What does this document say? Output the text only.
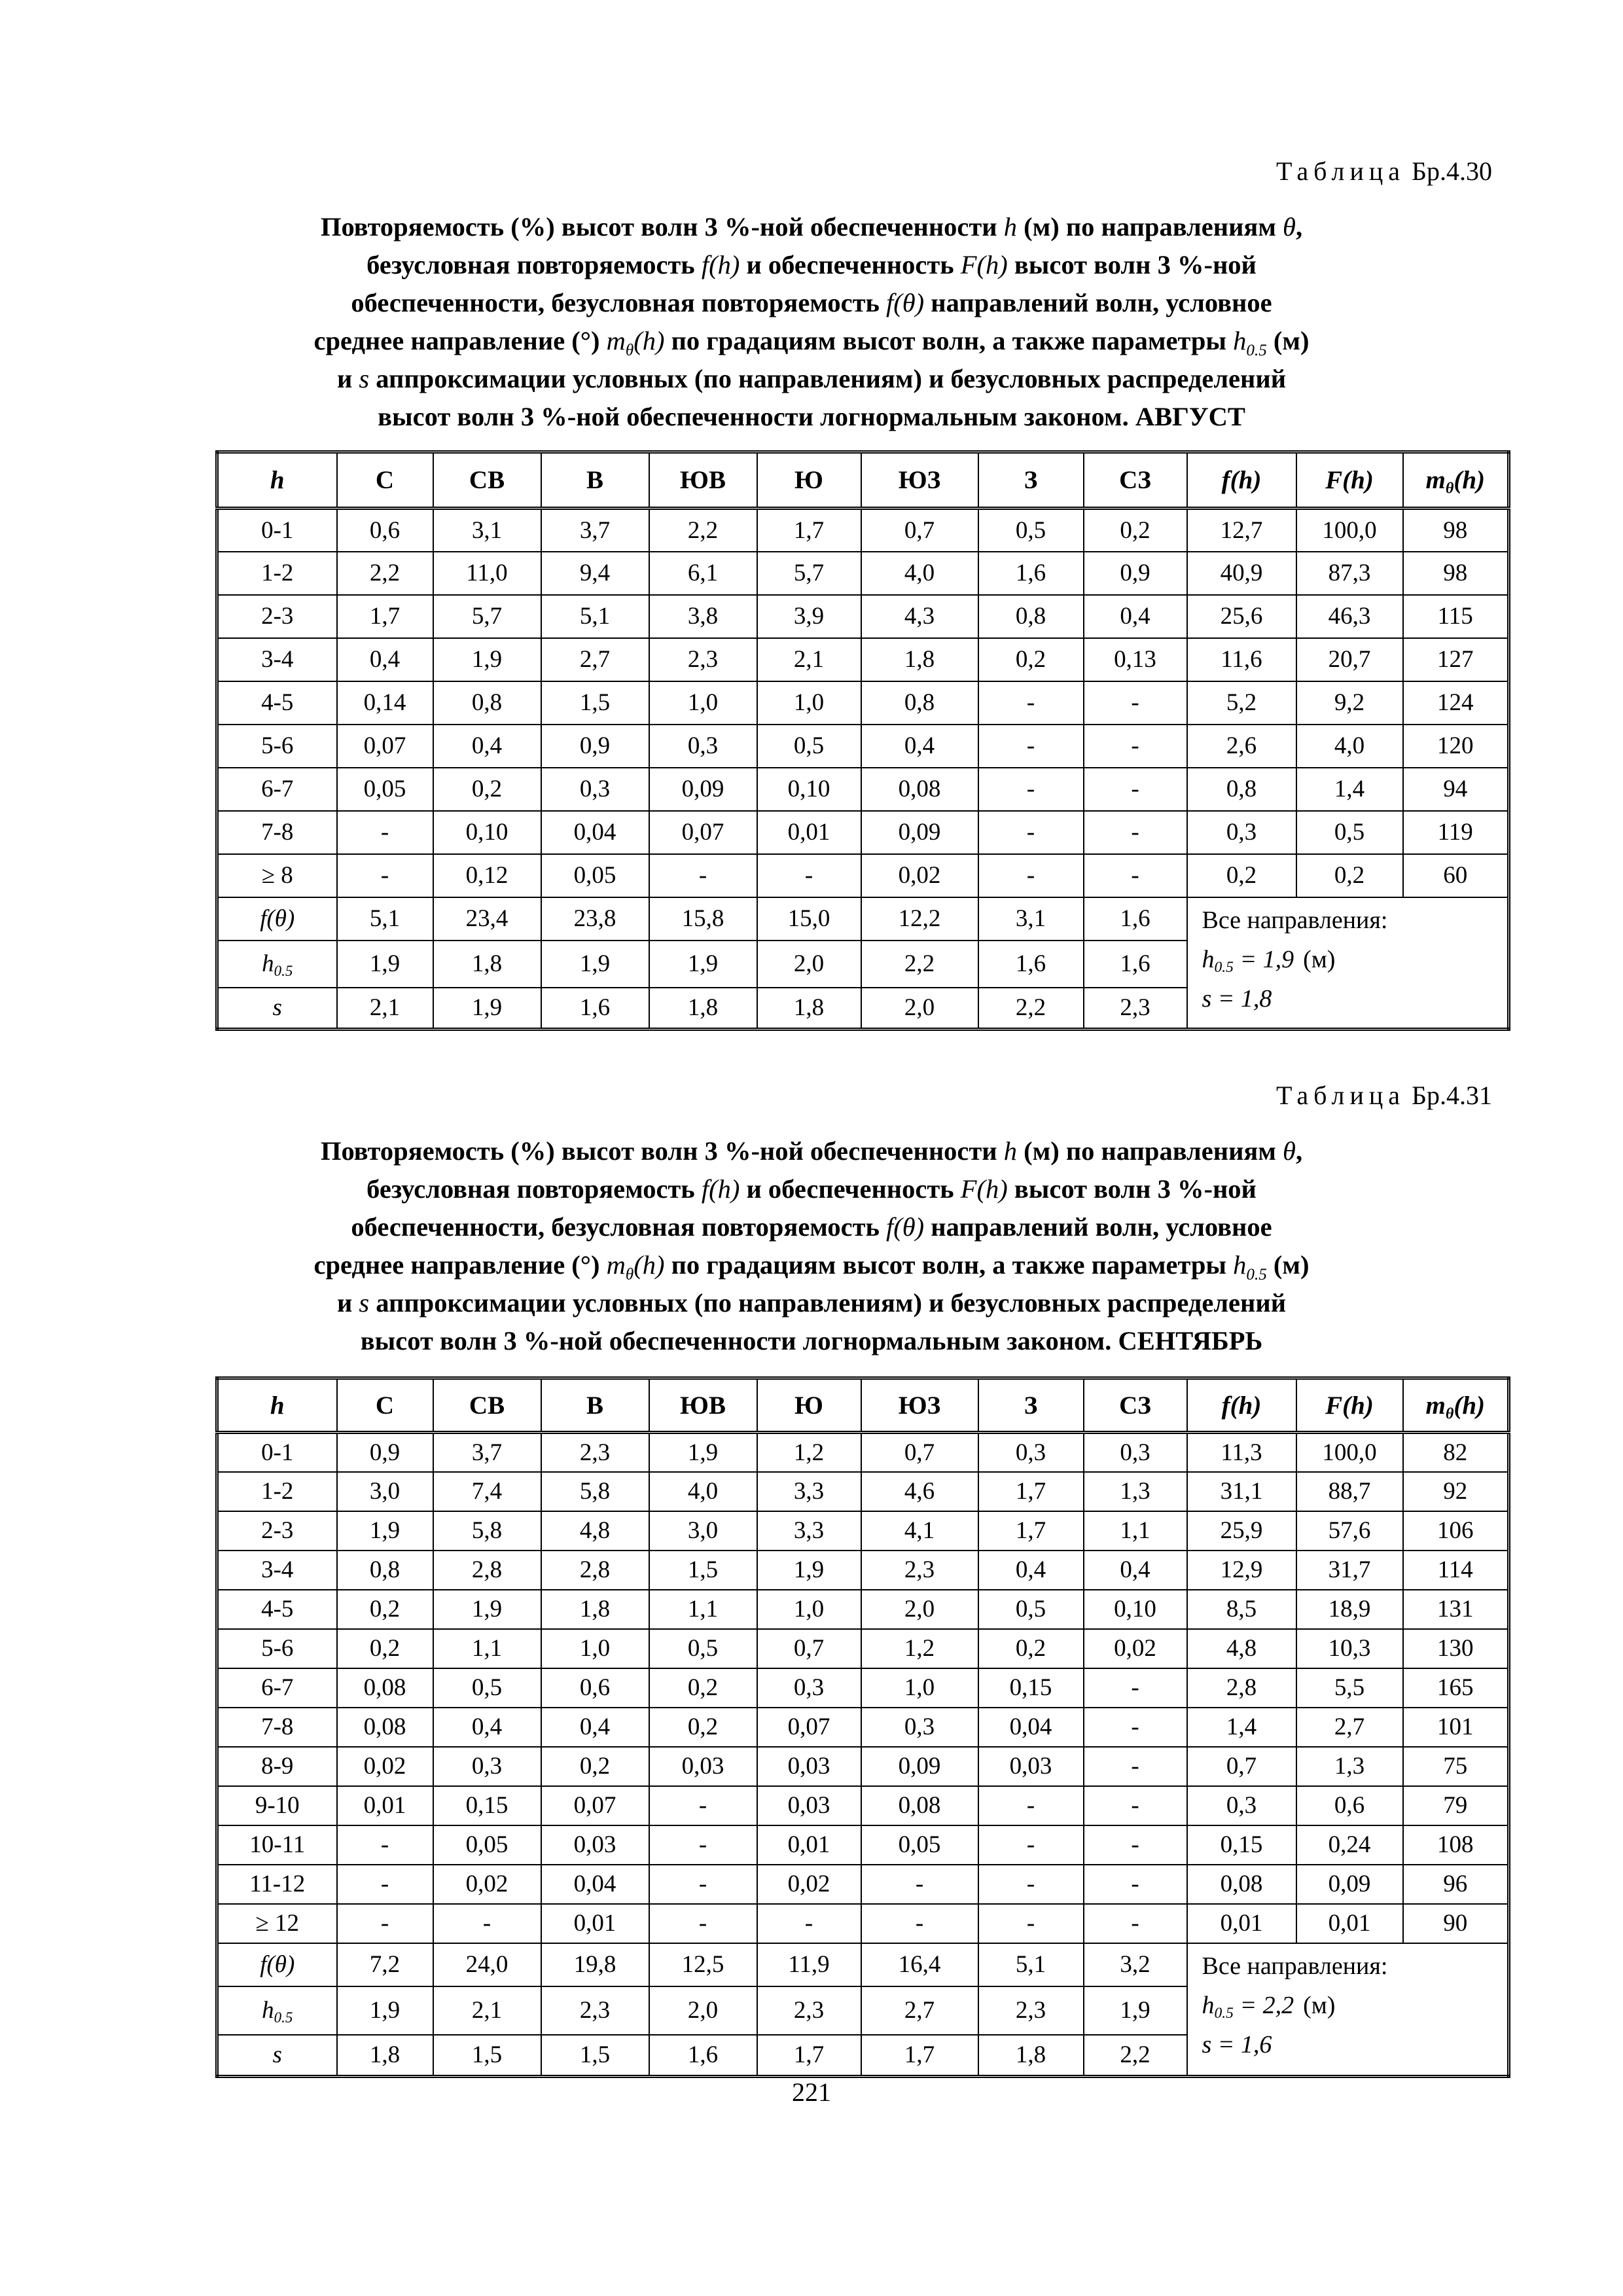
Таблица Бр.4.30
Повторяемость (%) высот волн 3 %-ной обеспеченности h (м) по направлениям θ,
безусловная повторяемость f(h) и обеспеченность F(h) высот волн 3 %-ной
обеспеченности, безусловная повторяемость f(θ) направлений волн, условное
среднее направление (°) $m_\theta(h)$ по градациям высот волн, а также параметры $h_{0.5}$ (м)
и s аппроксимации условных (по направлениям) и безусловных распределений
высот волн 3 %-ной обеспеченности логнормальным законом. АВГУСТ
h	С	СВ	В	ЮВ	Ю	ЮЗ	З	СЗ	f(h)	F(h)	$m_\theta(h)$
0-1	0,6	3,1	3,7	2,2	1,7	0,7	0,5	0,2	12,7	100,0	98
1-2	2,2	11,0	9,4	6,1	5,7	4,0	1,6	0,9	40,9	87,3	98
2-3	1,7	5,7	5,1	3,8	3,9	4,3	0,8	0,4	25,6	46,3	115
3-4	0,4	1,9	2,7	2,3	2,1	1,8	0,2	0,13	11,6	20,7	127
4-5	0,14	0,8	1,5	1,0	1,0	0,8	-	-	5,2	9,2	124
5-6	0,07	0,4	0,9	0,3	0,5	0,4	-	-	2,6	4,0	120
6-7	0,05	0,2	0,3	0,09	0,10	0,08	-	-	0,8	1,4	94
7-8	-	0,10	0,04	0,07	0,01	0,09	-	-	0,3	0,5	119
≥ 8	-	0,12	0,05	-	-	0,02	-	-	0,2	0,2	60
f(θ)	5,1	23,4	23,8	15,8	15,0	12,2	3,1	1,6	Все направления:
$h_{0.5} = 1,9$ (м)
s = 1,8		

$h_{0.5}$	1,9	1,8	1,9	1,9	2,0	2,2	1,6	1,6			
s	2,1	1,9	1,6	1,8	1,8	2,0	2,2	2,3			
Таблица Бр.4.31
Повторяемость (%) высот волн 3 %-ной обеспеченности h (м) по направлениям θ,
безусловная повторяемость f(h) и обеспеченность F(h) высот волн 3 %-ной
обеспеченности, безусловная повторяемость f(θ) направлений волн, условное
среднее направление (°) $m_\theta(h)$ по градациям высот волн, а также параметры $h_{0.5}$ (м)
и s аппроксимации условных (по направлениям) и безусловных распределений
высот волн 3 %-ной обеспеченности логнормальным законом. СЕНТЯБРЬ
h	С	СВ	В	ЮВ	Ю	ЮЗ	З	СЗ	f(h)	F(h)	$m_\theta(h)$
0-1	0,9	3,7	2,3	1,9	1,2	0,7	0,3	0,3	11,3	100,0	82
1-2	3,0	7,4	5,8	4,0	3,3	4,6	1,7	1,3	31,1	88,7	92
2-3	1,9	5,8	4,8	3,0	3,3	4,1	1,7	1,1	25,9	57,6	106
3-4	0,8	2,8	2,8	1,5	1,9	2,3	0,4	0,4	12,9	31,7	114
4-5	0,2	1,9	1,8	1,1	1,0	2,0	0,5	0,10	8,5	18,9	131
5-6	0,2	1,1	1,0	0,5	0,7	1,2	0,2	0,02	4,8	10,3	130
6-7	0,08	0,5	0,6	0,2	0,3	1,0	0,15	-	2,8	5,5	165
7-8	0,08	0,4	0,4	0,2	0,07	0,3	0,04	-	1,4	2,7	101
8-9	0,02	0,3	0,2	0,03	0,03	0,09	0,03	-	0,7	1,3	75
9-10	0,01	0,15	0,07	-	0,03	0,08	-	-	0,3	0,6	79
10-11	-	0,05	0,03	-	0,01	0,05	-	-	0,15	0,24	108
11-12	-	0,02	0,04	-	0,02	-	-	-	0,08	0,09	96
≥ 12	-	-	0,01	-	-	-	-	-	0,01	0,01	90
f(θ)	7,2	24,0	19,8	12,5	11,9	16,4	5,1	3,2	Все направления:
$h_{0.5} = 2,2$ (м)
s = 1,6		

$h_{0.5}$	1,9	2,1	2,3	2,0	2,3	2,7	2,3	1,9			
s	1,8	1,5	1,5	1,6	1,7	1,7	1,8	2,2			
221
